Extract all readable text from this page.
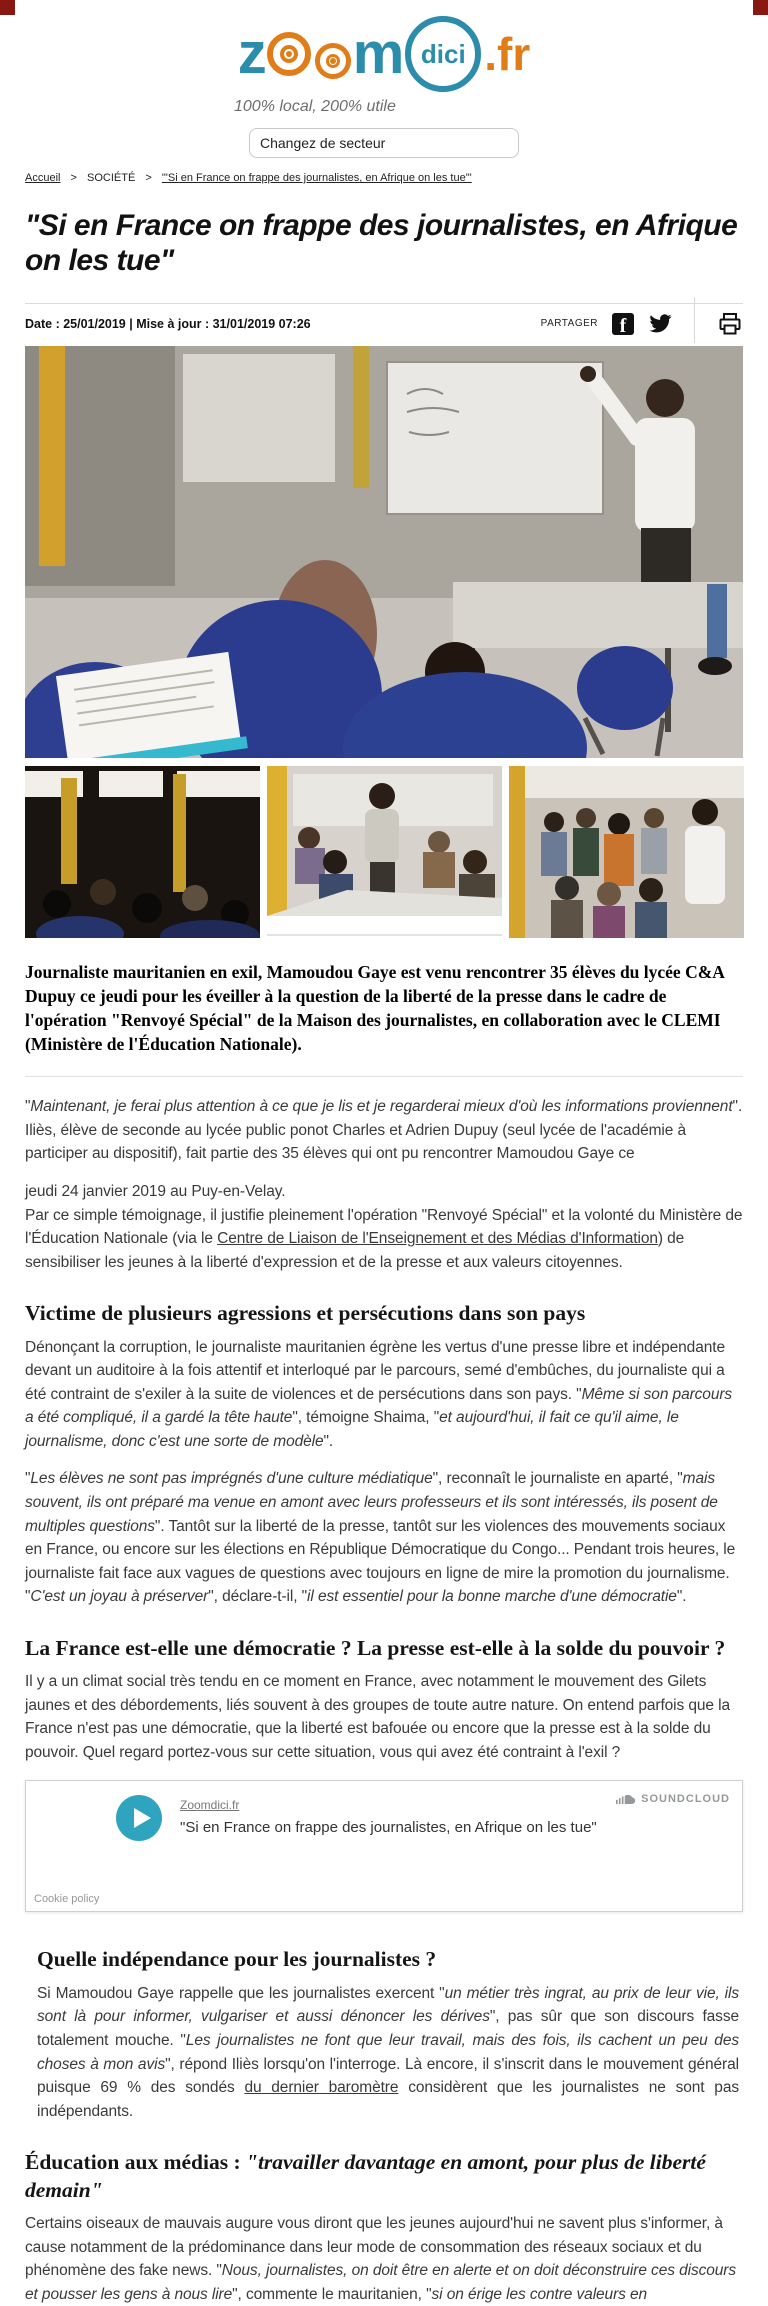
z m dici .fr
100% local, 200% utile
Changez de secteur
Accueil > SOCIÉTÉ > "'Si en France on frappe des journalistes, en Afrique on les tue'"
"Si en France on frappe des journalistes, en Afrique on les tue"
Date : 25/01/2019 | Mise à jour : 31/01/2019 07:26	PARTAGER	f

Journaliste mauritanien en exil, Mamoudou Gaye est venu rencontrer 35 élèves du lycée C&A Dupuy ce jeudi pour les éveiller à la question de la liberté de la presse dans le cadre de l'opération "Renvoyé Spécial" de la Maison des journalistes, en collaboration avec le CLEMI (Ministère de l'Éducation Nationale).

"Maintenant, je ferai plus attention à ce que je lis et je regarderai mieux d'où les informations proviennent". Iliès, élève de seconde au lycée public ponot Charles et Adrien Dupuy (seul lycée de l'académie à participer au dispositif), fait partie des 35 élèves qui ont pu rencontrer Mamoudou Gaye ce

jeudi 24 janvier 2019 au Puy-en-Velay.
Par ce simple témoignage, il justifie pleinement l'opération "Renvoyé Spécial" et la volonté du Ministère de l'Éducation Nationale (via le Centre de Liaison de l'Enseignement et des Médias d'Information) de sensibiliser les jeunes à la liberté d'expression et de la presse et aux valeurs citoyennes.

Victime de plusieurs agressions et persécutions dans son pays

Dénonçant la corruption, le journaliste mauritanien égrène les vertus d'une presse libre et indépendante devant un auditoire à la fois attentif et interloqué par le parcours, semé d'embûches, du journaliste qui a été contraint de s'exiler à la suite de violences et de persécutions dans son pays. "Même si son parcours a été compliqué, il a gardé la tête haute", témoigne Shaima, "et aujourd'hui, il fait ce qu'il aime, le journalisme, donc c'est une sorte de modèle".

"Les élèves ne sont pas imprégnés d'une culture médiatique", reconnaît le journaliste en aparté, "mais souvent, ils ont préparé ma venue en amont avec leurs professeurs et ils sont intéressés, ils posent de multiples questions". Tantôt sur la liberté de la presse, tantôt sur les violences des mouvements sociaux en France, ou encore sur les élections en République Démocratique du Congo... Pendant trois heures, le journaliste fait face aux vagues de questions avec toujours en ligne de mire la promotion du journalisme. "C'est un joyau à préserver", déclare-t-il, "il est essentiel pour la bonne marche d'une démocratie".

La France est-elle une démocratie ? La presse est-elle à la solde du pouvoir ?

Il y a un climat social très tendu en ce moment en France, avec notamment le mouvement des Gilets jaunes et des débordements, liés souvent à des groupes de toute autre nature. On entend parfois que la France n'est pas une démocratie, que la liberté est bafouée ou encore que la presse est à la solde du pouvoir. Quel regard portez-vous sur cette situation, vous qui avez été contraint à l'exil ?

Zoomdici.fr
"Si en France on frappe des journalistes, en Afrique on les tue"
SOUNDCLOUD
Cookie policy
Quelle indépendance pour les journalistes ?

Si Mamoudou Gaye rappelle que les journalistes exercent "un métier très ingrat, au prix de leur vie, ils sont là pour informer, vulgariser et aussi dénoncer les dérives", pas sûr que son discours fasse totalement mouche. "Les journalistes ne font que leur travail, mais des fois, ils cachent un peu des choses à mon avis", répond Iliès lorsqu'on l'interroge. Là encore, il s'inscrit dans le mouvement général puisque 69 % des sondés du dernier baromètre considèrent que les journalistes ne sont pas indépendants.

Éducation aux médias : "travailler davantage en amont, pour plus de liberté demain"

Certains oiseaux de mauvais augure vous diront que les jeunes aujourd'hui ne savent plus s'informer, à cause notamment de la prédominance dans leur mode de consommation des réseaux sociaux et du phénomène des fake news. "Nous, journalistes, on doit être en alerte et on doit déconstruire ces discours et pousser les gens à nous lire", commente le mauritanien, "si on érige les contre valeurs en
